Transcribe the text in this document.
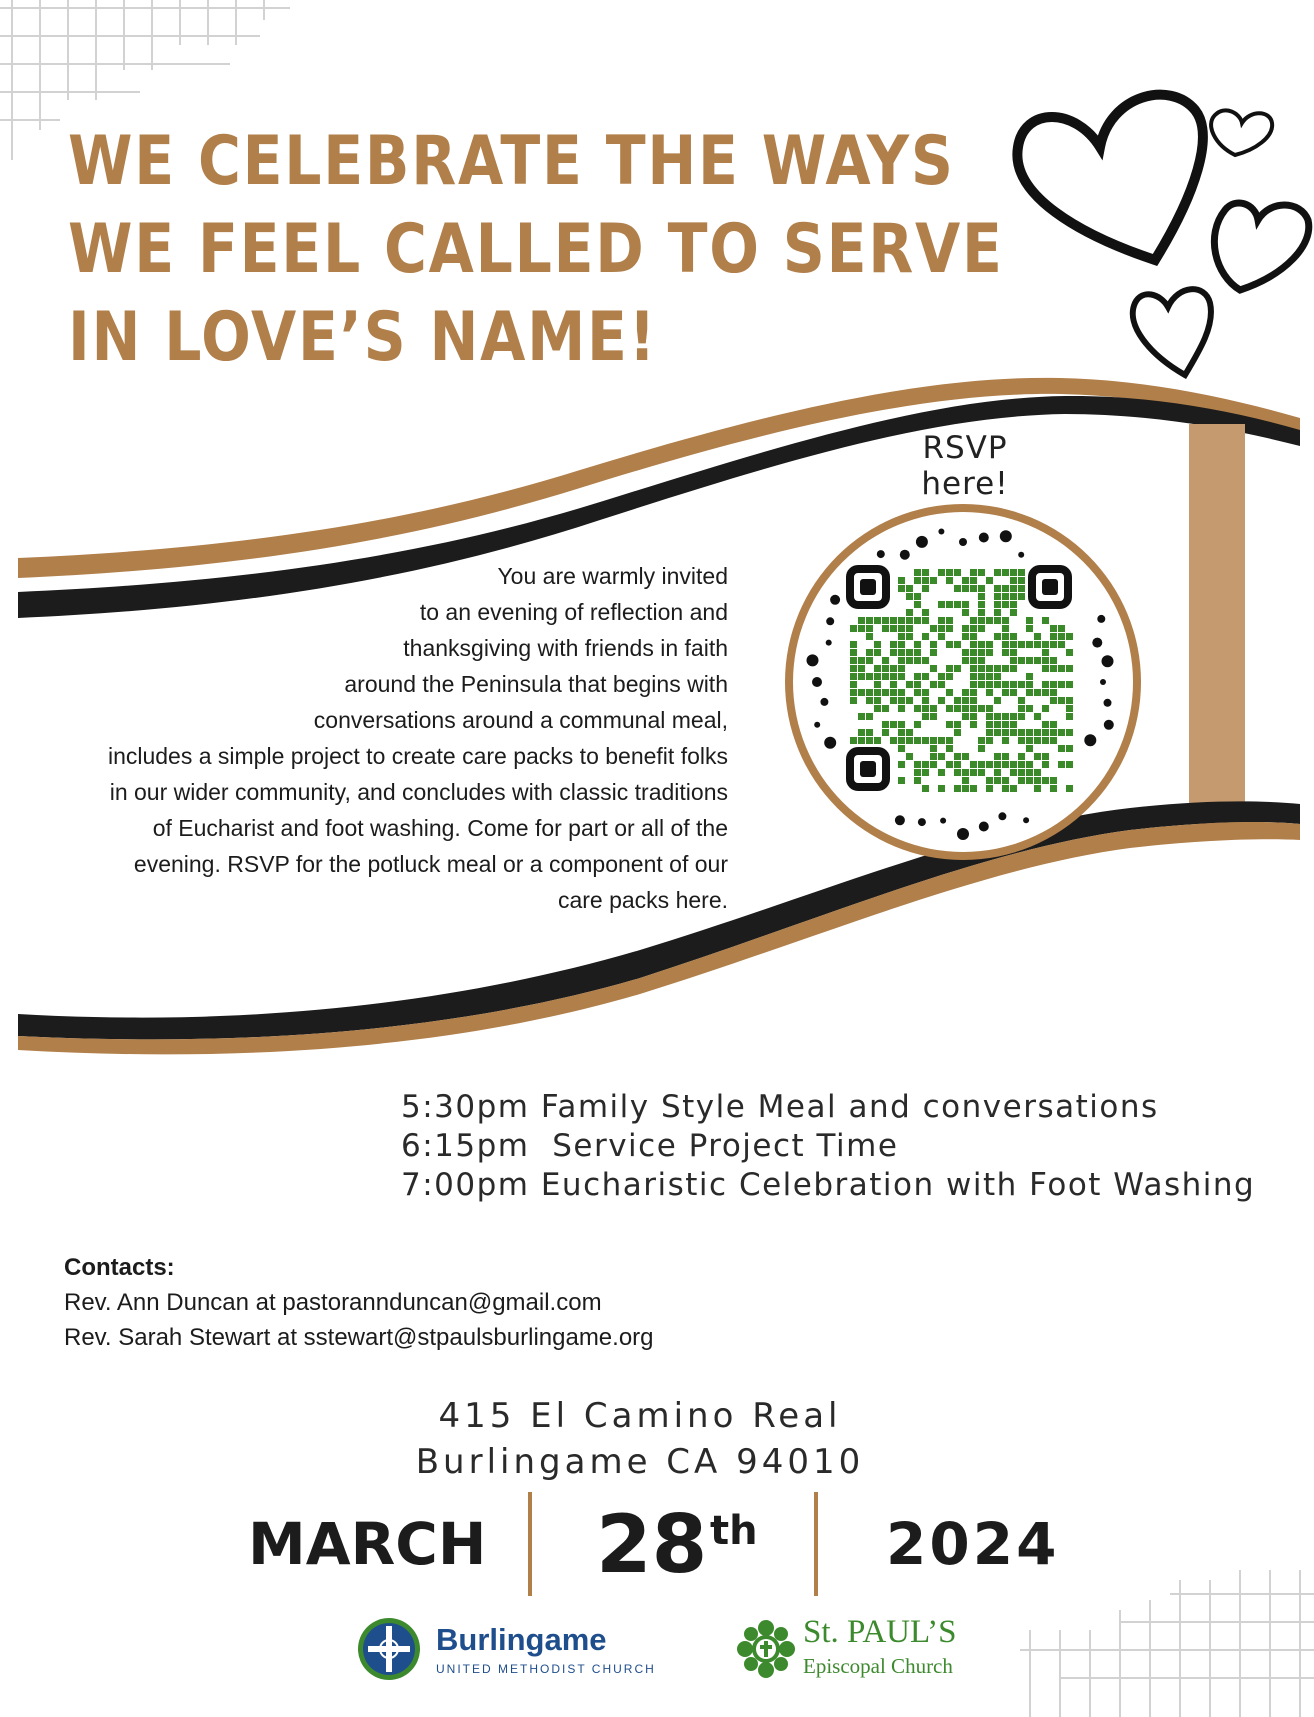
WE CELEBRATE THE WAYS
WE FEEL CALLED TO SERVE
IN LOVE’S NAME!
RSVP here!
You are warmly invited
to an evening of reflection and
thanksgiving with friends in faith
around the Peninsula that begins with
conversations around a communal meal,
includes a simple project to create care packs to benefit folks
in our wider community, and concludes with classic traditions
of Eucharist and foot washing. Come for part or all of the
evening. RSVP for the potluck meal or a component of our
care packs here.
5:30pm Family Style Meal and conversations
6:15pm  Service Project Time
7:00pm Eucharistic Celebration with Foot Washing
Contacts:
Rev. Ann Duncan at pastorannduncan@gmail.com
Rev. Sarah Stewart at sstewart@stpaulsburlingame.org
415 El Camino Real
Burlingame CA 94010
MARCH 28 th 2024
Burlingame
UNITED METHODIST CHURCH
St. PAUL’S
Episcopal Church
